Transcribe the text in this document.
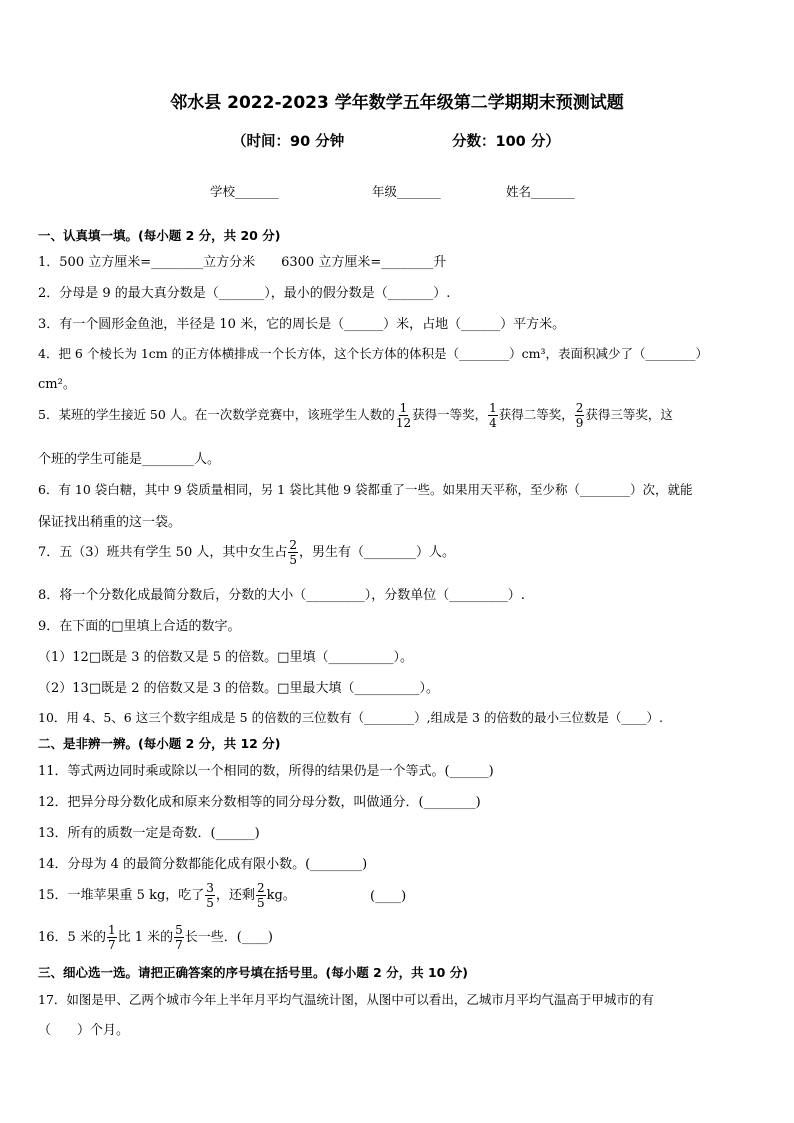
邻水县 2022-2023 学年数学五年级第二学期期末预测试题
（时间：90 分钟	分数：100 分）
学校_______	年级_______	姓名_______
一、认真填一填。(每小题 2 分，共 20 分)
1．500 立方厘米=________立方分米　　6300 立方厘米=________升
2．分母是 9 的最大真分数是（_______），最小的假分数是（_______）.
3．有一个圆形金鱼池，半径是 10 米，它的周长是（______）米，占地（______）平方米。
4．把 6 个棱长为 1cm 的正方体横排成一个长方体，这个长方体的体积是（________）cm³，表面积减少了（________）
cm²。
5．某班的学生接近 50 人。在一次数学竞赛中，该班学生人数的 $\frac{1}{12}$ 获得一等奖， $\frac{1}{4}$ 获得二等奖， $\frac{2}{9}$ 获得三等奖，这
个班的学生可能是________人。
6．有 10 袋白糖，其中 9 袋质量相同，另 1 袋比其他 9 袋都重了一些。如果用天平称，至少称（________）次，就能
保证找出稍重的这一袋。
7．五（3）班共有学生 50 人，其中女生占 $\frac{2}{5}$ ，男生有（________）人。
8．将一个分数化成最简分数后，分数的大小（_________），分数单位（_________）.
9．在下面的□里填上合适的数字。
（1）12□既是 3 的倍数又是 5 的倍数。□里填（__________）。
（2）13□既是 2 的倍数又是 3 的倍数。□里最大填（__________）。
10．用 4、5、6 这三个数字组成是 5 的倍数的三位数有（________）,组成是 3 的倍数的最小三位数是（____）.
二、是非辨一辨。(每小题 2 分，共 12 分)
11．等式两边同时乘或除以一个相同的数，所得的结果仍是一个等式。(______)
12．把异分母分数化成和原来分数相等的同分母分数，叫做通分．(________)
13．所有的质数一定是奇数．(______)
14．分母为 4 的最简分数都能化成有限小数。(________)
15．一堆苹果重 5 kg，吃了 $\frac{3}{5}$ ，还剩 $\frac{2}{5}$ kg。	(____)
16．5 米的 $\frac{1}{7}$ 比 1 米的 $\frac{5}{7}$ 长一些．(____)
三、细心选一选。请把正确答案的序号填在括号里。(每小题 2 分，共 10 分)
17．如图是甲、乙两个城市今年上半年月平均气温统计图，从图中可以看出，乙城市月平均气温高于甲城市的有
（　　）个月。
